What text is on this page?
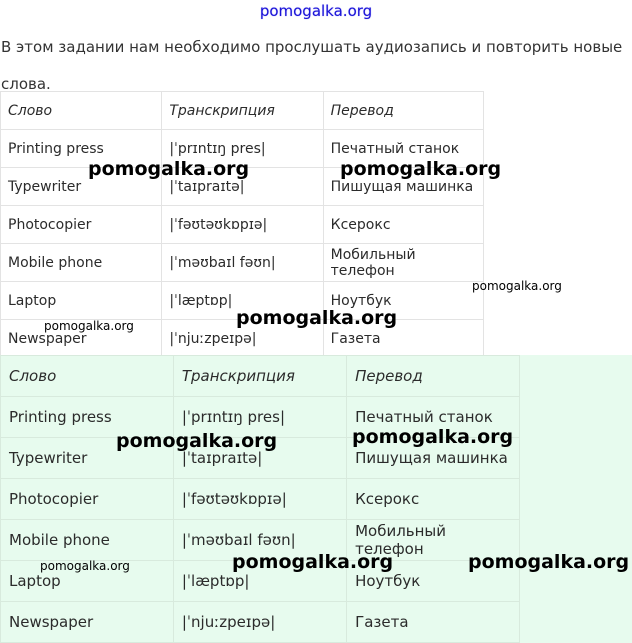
pomogalka.org
В этом задании нам необходимо прослушать аудиозапись и повторить новые слова.
Слово	Транскрипция	Перевод
Printing press	|ˈprɪntɪŋ pres|	Печатный станок
Typewriter	|ˈtaɪpraɪtə|	Пишущая машинка
Photocopier	|ˈfəʊtəʊkɒpɪə|	Ксерокс
Mobile phone	|ˈməʊbaɪl fəʊn|	Мобильный телефон
Laptop	|ˈlæptɒp|	Ноутбук
Newspaper	|ˈnjuːzpeɪpə|	Газета
Слово	Транскрипция	Перевод
Printing press	|ˈprɪntɪŋ pres|	Печатный станок
Typewriter	|ˈtaɪpraɪtə|	Пишущая машинка
Photocopier	|ˈfəʊtəʊkɒpɪə|	Ксерокс
Mobile phone	|ˈməʊbaɪl fəʊn|	Мобильный телефон
Laptop	|ˈlæptɒp|	Ноутбук
Newspaper	|ˈnjuːzpeɪpə|	Газета
pomogalka.org	pomogalka.org
pomogalka.org
pomogalka.org	pomogalka.org
pomogalka.org	pomogalka.org
pomogalka.org	pomogalka.org
pomogalka.org
